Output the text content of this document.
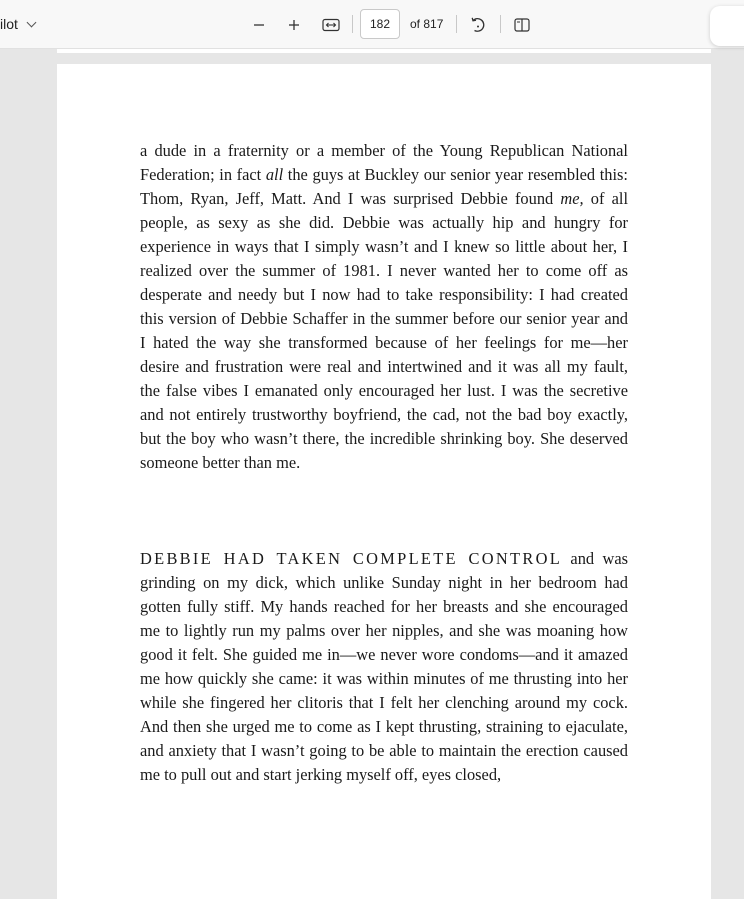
ilot
182	of 817

a dude in a fraternity or a member of the Young Republican National Federation; in fact all the guys at Buckley our senior year resembled this: Thom, Ryan, Jeff, Matt. And I was surprised Debbie found me, of all people, as sexy as she did. Debbie was actually hip and hungry for experience in ways that I simply wasn’t and I knew so little about her, I realized over the summer of 1981. I never wanted her to come off as desperate and needy but I now had to take responsibility: I had created this version of Debbie Schaffer in the summer before our senior year and I hated the way she transformed because of her feelings for me—her desire and frustration were real and intertwined and it was all my fault, the false vibes I emanated only encouraged her lust. I was the secretive and not entirely trustworthy boyfriend, the cad, not the bad boy exactly, but the boy who wasn’t there, the incredible shrinking boy. She deserved someone better than me.

DEBBIE HAD TAKEN COMPLETE CONTROL and was grinding on my dick, which unlike Sunday night in her bedroom had gotten fully stiff. My hands reached for her breasts and she encouraged me to lightly run my palms over her nipples, and she was moaning how good it felt. She guided me in—we never wore condoms—and it amazed me how quickly she came: it was within minutes of me thrusting into her while she fingered her clitoris that I felt her clenching around my cock. And then she urged me to come as I kept thrusting, straining to ejaculate, and anxiety that I wasn’t going to be able to maintain the erection caused me to pull out and start jerking myself off, eyes closed,
